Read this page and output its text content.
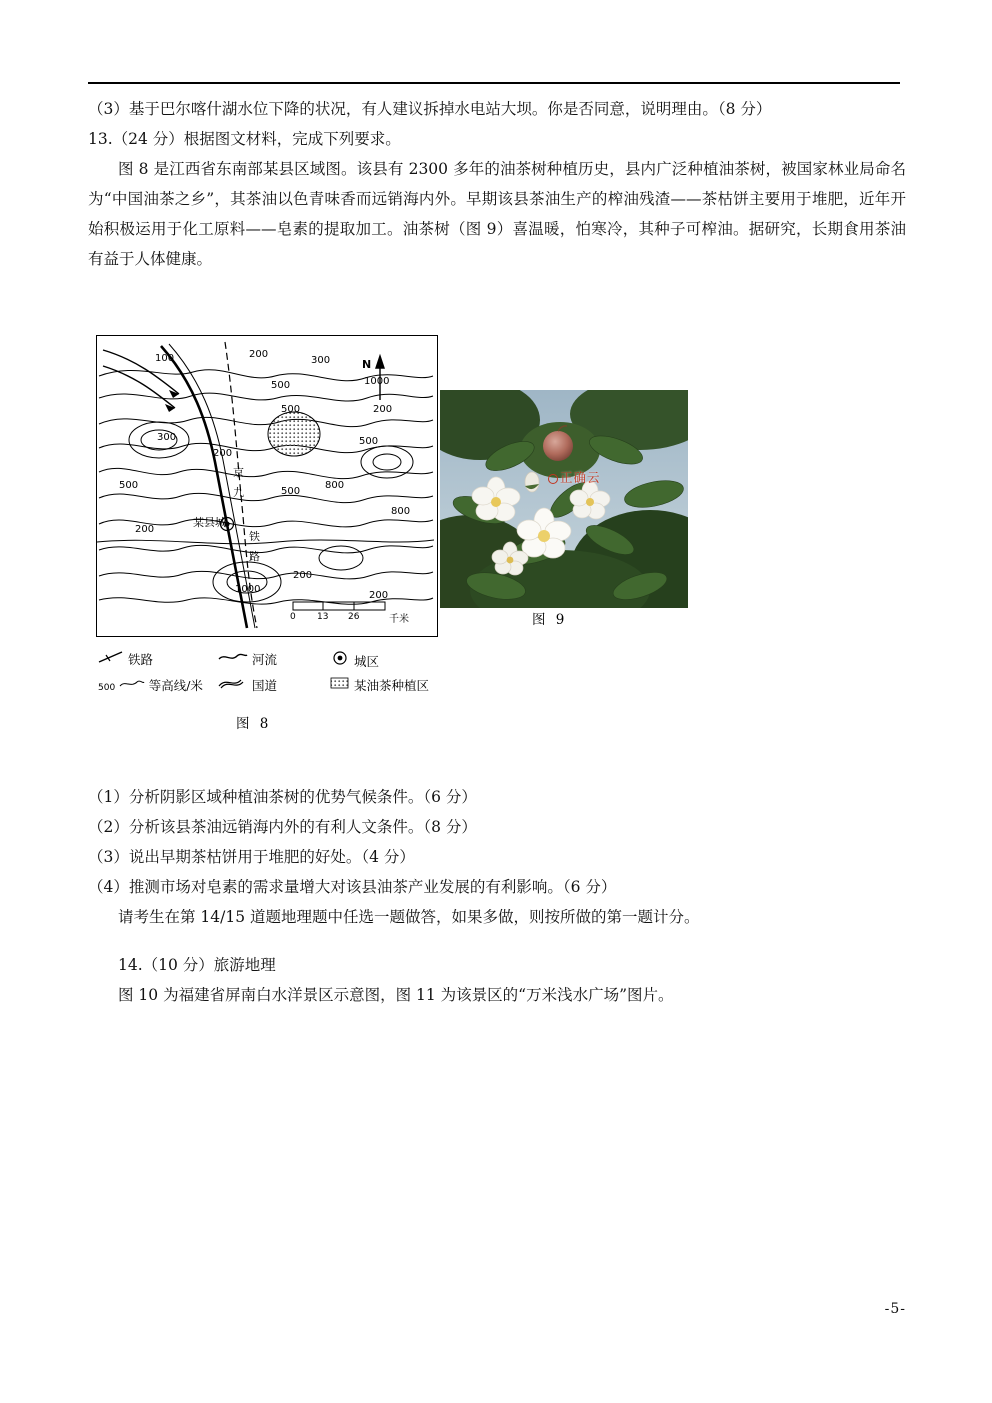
（3）基于巴尔喀什湖水位下降的状况，有人建议拆掉水电站大坝。你是否同意，说明理由。（8 分）
13.（24 分）根据图文材料，完成下列要求。
图 8 是江西省东南部某县区域图。该县有 2300 多年的油茶树种植历史，县内广泛种植油茶树，被国家林业局命名为“中国油茶之乡”，其茶油以色青味香而远销海内外。早期该县茶油生产的榨油残渣——茶枯饼主要用于堆肥，近年开始积极运用于化工原料——皂素的提取加工。油茶树（图 9）喜温暖，怕寒冷，其种子可榨油。据研究，长期食用茶油有益于人体健康。
100	200
300
500	1000
500	200
300	500
200
500	800
500
200
1000
200
200
800
某县城
京
九
铁
路
N
0 13 26	千米
铁路	河流	城区
500	等高线/米	国道	某油茶种植区
图 8
正确云
图 9
（1）分析阴影区域种植油茶树的优势气候条件。（6 分）
（2）分析该县茶油远销海内外的有利人文条件。（8 分）
（3）说出早期茶枯饼用于堆肥的好处。（4 分）
（4）推测市场对皂素的需求量增大对该县油茶产业发展的有利影响。（6 分）
请考生在第 14/15 道题地理题中任选一题做答，如果多做，则按所做的第一题计分。
14.（10 分）旅游地理
图 10 为福建省屏南白水洋景区示意图，图 11 为该景区的“万米浅水广场”图片。
-5-
